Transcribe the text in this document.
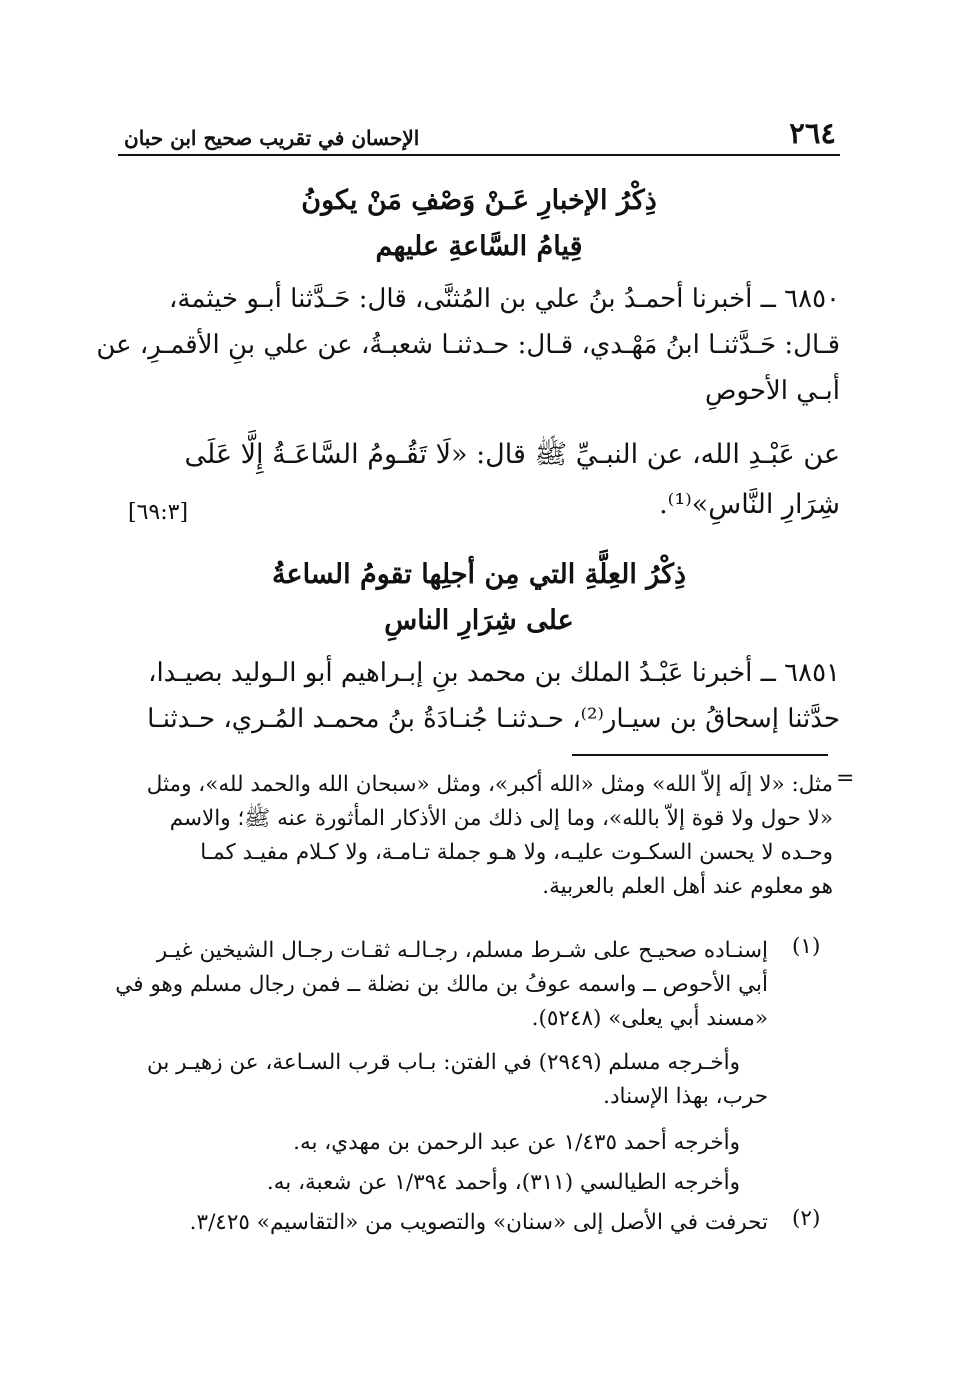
٢٦٤
الإحسان في تقريب صحيح ابن حبان
ذِكْرُ الإخبارِ عَـنْ وَصْفِ مَنْ يكونُ
قِيامُ السَّاعةِ عليهم
٦٨٥٠ ــ أخبرنا أحمـدُ بنُ علي بن المُثنَّى، قال: حَـدَّثنا أبـو خيثمة،
قـال: حَـدَّثنـا ابنُ مَهْـدي، قـال: حـدثنـا شعبـةُ، عن علي بنِ الأقمـرِ، عن
أبـي الأحوصِ
عن عَبْـدِ الله، عن النبـيِّ ﷺ قال: «لَا تَقُـومُ السَّاعَـةُ إِلَّا عَلَى
شِرَارِ النَّاسِ»⁽¹⁾.
[٦٩:٣]
ذِكْرُ العِلَّةِ التي مِن أجلِها تقومُ الساعةُ
على شِرَارِ الناسِ
٦٨٥١ ــ أخبرنا عَبْـدُ الملك بن محمد بنِ إبـراهيم أبو الـوليد بصيـدا،
حدَّثنا إسحاقُ بن سيـار⁽²⁾، حـدثنـا جُنـادَةُ بنُ محمـد المُـري، حـدثنـا
=
مثل: «لا إلَه إلاّ الله» ومثل «الله أكبر»، ومثل «سبحان الله والحمد لله»، ومثل
«لا حول ولا قوة إلاّ بالله»، وما إلى ذلك من الأذكار المأثورة عنه ﷺ؛ والاسم
وحـده لا يحسن السكـوت عليـه، ولا هـو جملة تـامـة، ولا كـلام مفيـد كمـا
هو معلوم عند أهل العلم بالعربية.
(١)
إسنـاده صحيـح على شـرط مسلم، رجـالـه ثقـات رجـال الشيخين غيـر
أبي الأحوص ــ واسمه عوفُ بن مالك بن نضلة ــ فمن رجال مسلم وهو في
«مسند أبي يعلى» (٥٢٤٨).
وأخـرجه مسلم (٢٩٤٩) في الفتن: بـاب قرب السـاعة، عن زهيـر بن
حرب، بهذا الإسناد.
وأخرجه أحمد ١/٤٣٥ عن عبد الرحمن بن مهدي، به.
وأخرجه الطيالسي (٣١١)، وأحمد ١/٣٩٤ عن شعبة، به.
(٢)
تحرفت في الأصل إلى «سنان» والتصويب من «التقاسيم» ٣/٤٢٥.
